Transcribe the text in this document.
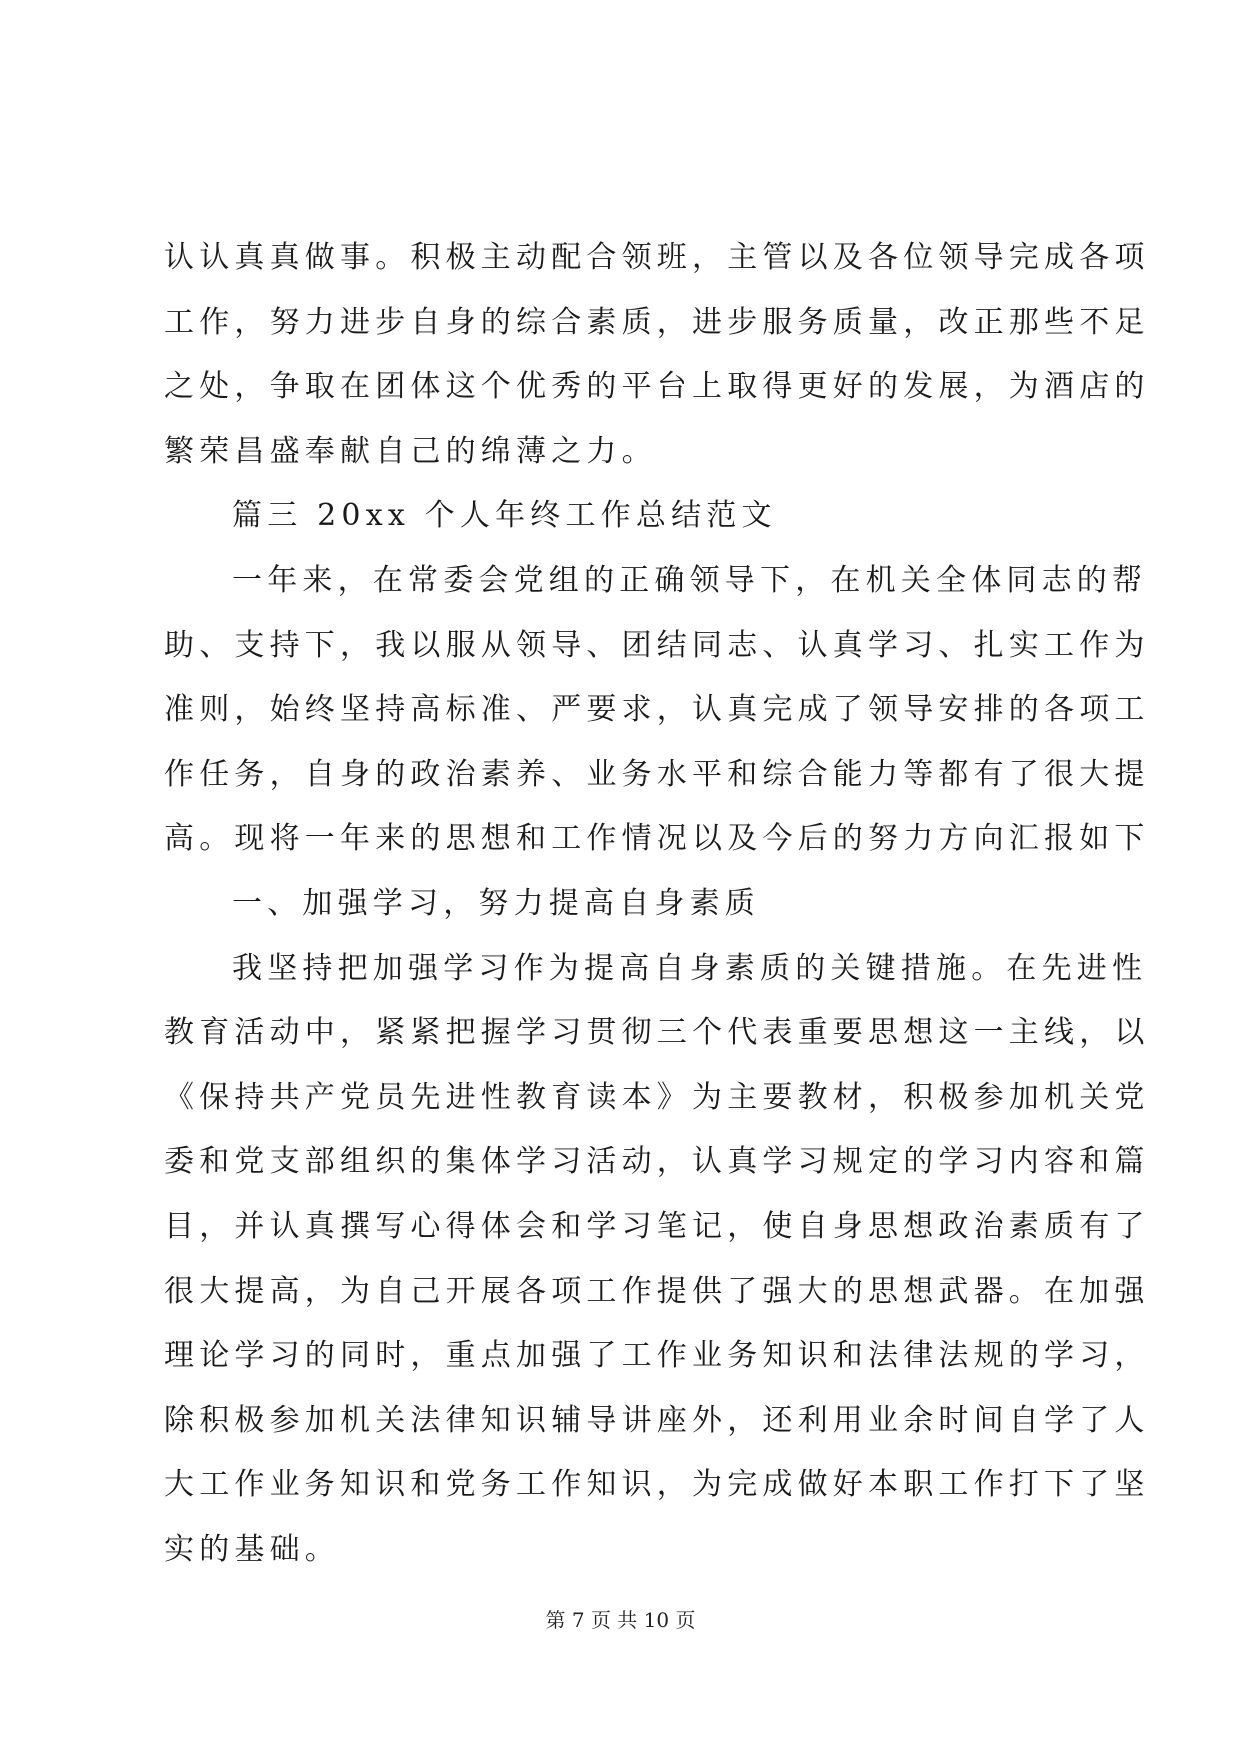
认认真真做事。积极主动配合领班，主管以及各位领导完成各项
工作，努力进步自身的综合素质，进步服务质量，改正那些不足
之处，争取在团体这个优秀的平台上取得更好的发展，为酒店的
繁荣昌盛奉献自己的绵薄之力。
篇三 20xx 个人年终工作总结范文
一年来，在常委会党组的正确领导下，在机关全体同志的帮
助、支持下，我以服从领导、团结同志、认真学习、扎实工作为
准则，始终坚持高标准、严要求，认真完成了领导安排的各项工
作任务，自身的政治素养、业务水平和综合能力等都有了很大提
高。现将一年来的思想和工作情况以及今后的努力方向汇报如下
一、加强学习，努力提高自身素质
我坚持把加强学习作为提高自身素质的关键措施。在先进性
教育活动中，紧紧把握学习贯彻三个代表重要思想这一主线，以
《保持共产党员先进性教育读本》为主要教材，积极参加机关党
委和党支部组织的集体学习活动，认真学习规定的学习内容和篇
目，并认真撰写心得体会和学习笔记，使自身思想政治素质有了
很大提高，为自己开展各项工作提供了强大的思想武器。在加强
理论学习的同时，重点加强了工作业务知识和法律法规的学习，
除积极参加机关法律知识辅导讲座外，还利用业余时间自学了人
大工作业务知识和党务工作知识，为完成做好本职工作打下了坚
实的基础。
第 7 页 共 10 页
